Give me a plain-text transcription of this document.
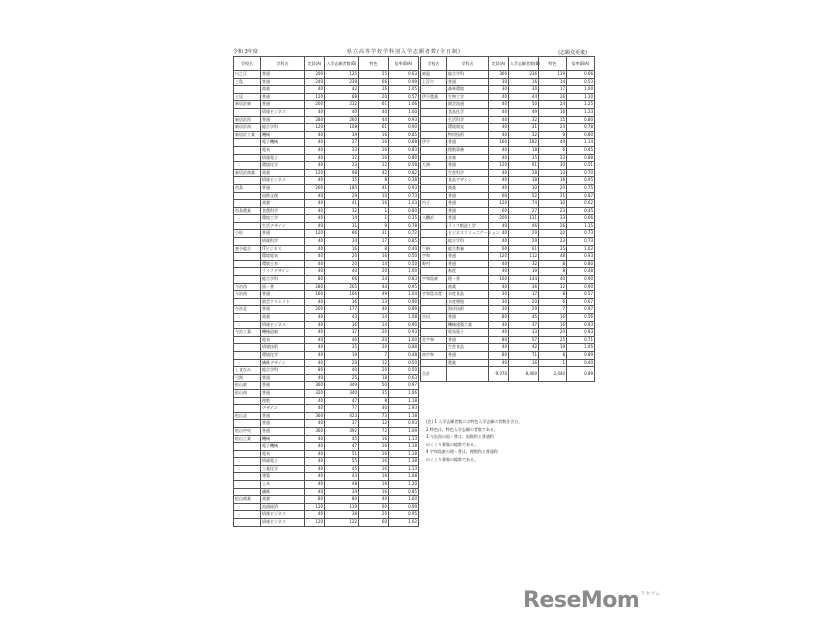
令和 3年度	県立高等学校学科別入学志願者数(全日制)	(志願変更後)
学校名	学科名	定員(A)	入学志願者数(B)	特色	倍率(B/A)
川之江	普通	200	125	55	0.63
三島	普通	240	239	66	0.99
	商業	40	42	16	1.05
土居	普通	120	68	20	0.57
新居浜東	普通	200	212	61	1.06
	情報ビジネス	40	40	40	1.00
新居浜西	普通	280	260	44	0.93
新居浜南	総合学科	120	108	61	0.90
新居浜工業	機械	40	34	16	0.85
	電子機械	40	27	16	0.68
	電気	40	33	16	0.83
	情報電子	40	32	16	0.80
	環境化学	40	23	12	0.58
新居浜商業	商業	120	98	42	0.82
	情報ビジネス	40	15	8	0.38
西条	普通	200	185	41	0.93
	国際文理	40	29	10	0.73
	商業	40	41	16	1.03
西条農業	食農科学	40	32	1	0.80
	環境工学	40	14	1	0.35
	生活デザイン	40	31	9	0.78
小松	普通	120	86	31	0.72
	情報科学	40	34	17	0.85
東予総合	ITビジネス	40	16	8	0.40
	環境電気	40	20	16	0.50
	環境土木	40	20	14	0.50
	ライフデザイン	40	40	20	1.00
	総合学科	80	66	24	0.83
今治西	国・普	280	265	44	0.95
今治南	普通	160	166	49	1.04
	園芸クリエイト	40	36	13	0.90
今治北	普通	200	177	40	0.89
	商業	40	43	14	1.08
	情報ビジネス	40	36	14	0.90
今治工業	機械造船	40	37	20	0.93
	電気	40	40	20	1.00
	情報技術	40	35	20	0.88
	環境化学	40	19	7	0.48
	繊維デザイン	40	20	12	0.50
しまなみ	総合学科	80	40	20	0.50
弓削	普通	40	25	18	0.63
松山東	普通	360	349	50	0.97
松山南	普通	320	340	35	1.06
	理数	40	47	8	1.18
	デザイン	40	77	40	1.93
松山北	普通	360	423	73	1.18
	普通	40	37	12	0.93
松山中央	普通	360	392	72	1.09
松山工業	機械	40	45	16	1.13
	電子機械	40	47	16	1.18
	電気	40	51	16	1.28
	情報電子	40	55	16	1.38
	工業化学	40	45	16	1.13
	建築	40	43	16	1.08
	土木	40	48	16	1.20
	繊維	40	34	16	0.85
松山商業	商業	80	80	40	1.00
	流通経済	120	119	60	0.99
	情報ビジネス	40	38	20	0.95
	情報ビジネス	120	122	60	1.02
学校名	学科名	定員(A)	入学志願者数(B)	特色	倍率(B/A)
東温	総合学科	360	236	119	0.66
上浮穴	普通	30	16	14	0.53
	森林環境	30	30	17	1.00
伊予農業	生物工学	40	44	26	1.10
	園芸流通	40	50	24	1.25
	食品化学	40	49	16	1.23
	生活科学	40	32	15	0.80
	環境開発	40	31	24	0.78
	特用技術	40	32	9	0.80
伊予	普通	160	182	49	1.14
	理数事務	40	18	6	0.45
	音楽	40	35	33	0.88
大洲	普通	120	61	30	0.51
	生産科学	40	28	13	0.70
	食品デザイン	40	38	16	0.95
	商業	40	30	20	0.75
	普通	60	52	31	0.87
内子	普通	120	74	30	0.62
	普通	60	27	23	0.45
八幡浜	普通	200	131	33	0.66
	ライフ創造工学	40	46	26	1.15
	ビジネスコミュニケーション	40	29	20	0.73
	総合学科	40	29	23	0.73
三崎	総合教養	60	61	35	1.02
宇和	普通	120	112	48	0.93
野村	普通	40	32	8	0.80
	畜産	40	19	8	0.48
宇和島東	理・普	160	144	40	0.90
	商業	40	36	32	0.90
宇和島水産	水産食品	30	17	8	0.57
	水産増殖	30	20	6	0.67
	海洋技術	30	29	7	0.97
吉田	普通	80	45	16	0.56
	機械建築工業	40	37	16	0.93
	電気電子	40	33	20	0.83
北宇和	普通	80	57	25	0.71
	生産食品	40	42	19	1.05
南宇和	普通	80	71	8	0.89
	農業	40	16	1	0.40
合計		9,370	8,400	2,440	0.89
(注) 1 入学志願者数には特色入学志願の者数を含む。
2 特色は、特色入学志願の者数である。
3 今治西の国・普は、国際科と普通科
のくくり募集の総称である。
4 宇和島東の理・普は、理数科と普通科
のくくり募集の総称である。
ReseMom リセマム
